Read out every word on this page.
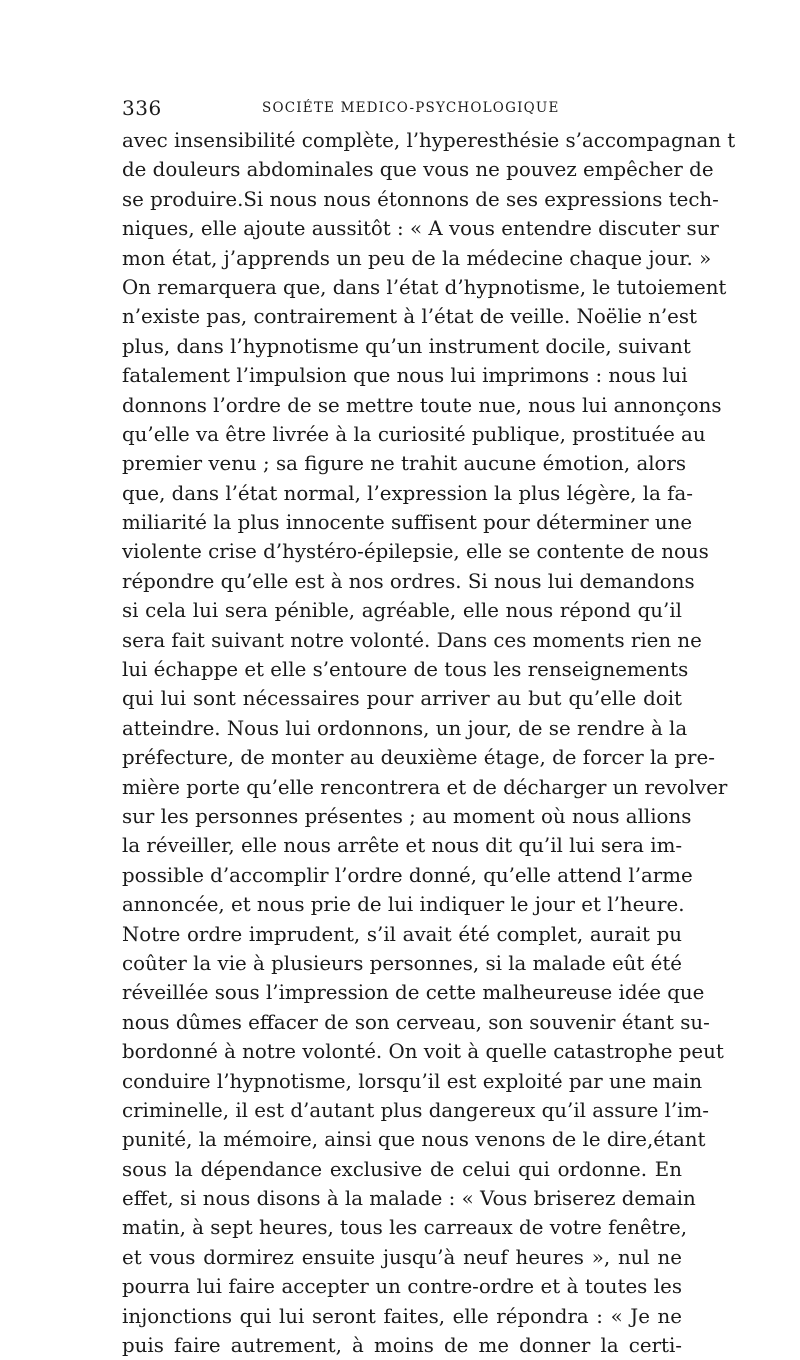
336	SOCIÉTE MEDICO-PSYCHOLOGIQUE
avec insensibilité complète, l’hyperesthésie s’accompagnan t
de douleurs abdominales que vous ne pouvez empêcher de
se produire.Si nous nous étonnons de ses expressions tech-
niques, elle ajoute aussitôt : « A vous entendre discuter sur
mon état, j’apprends un peu de la médecine chaque jour. »
On remarquera que, dans l’état d’hypnotisme, le tutoiement
n’existe pas, contrairement à l’état de veille. Noëlie n’est
plus, dans l’hypnotisme qu’un instrument docile, suivant
fatalement l’impulsion que nous lui imprimons : nous lui
donnons l’ordre de se mettre toute nue, nous lui annonçons
qu’elle va être livrée à la curiosité publique, prostituée au
premier venu ; sa figure ne trahit aucune émotion, alors
que, dans l’état normal, l’expression la plus légère, la fa-
miliarité la plus innocente suffisent pour déterminer une
violente crise d’hystéro-épilepsie, elle se contente de nous
répondre qu’elle est à nos ordres. Si nous lui demandons
si cela lui sera pénible, agréable, elle nous répond qu’il
sera fait suivant notre volonté. Dans ces moments rien ne
lui échappe et elle s’entoure de tous les renseignements
qui lui sont nécessaires pour arriver au but qu’elle doit
atteindre. Nous lui ordonnons, un jour, de se rendre à la
préfecture, de monter au deuxième étage, de forcer la pre-
mière porte qu’elle rencontrera et de décharger un revolver
sur les personnes présentes ; au moment où nous allions
la réveiller, elle nous arrête et nous dit qu’il lui sera im-
possible d’accomplir l’ordre donné, qu’elle attend l’arme
annoncée, et nous prie de lui indiquer le jour et l’heure.
Notre ordre imprudent, s’il avait été complet, aurait pu
coûter la vie à plusieurs personnes, si la malade eût été
réveillée sous l’impression de cette malheureuse idée que
nous dûmes effacer de son cerveau, son souvenir étant su-
bordonné à notre volonté. On voit à quelle catastrophe peut
conduire l’hypnotisme, lorsqu’il est exploité par une main
criminelle, il est d’autant plus dangereux qu’il assure l’im-
punité, la mémoire, ainsi que nous venons de le dire,étant
sous la dépendance exclusive de celui qui ordonne. En
effet, si nous disons à la malade : « Vous briserez demain
matin, à sept heures, tous les carreaux de votre fenêtre,
et vous dormirez ensuite jusqu’à neuf heures », nul ne
pourra lui faire accepter un contre-ordre et à toutes les
injonctions qui lui seront faites, elle répondra : « Je ne
puis faire autrement, à moins de me donner la certi-
